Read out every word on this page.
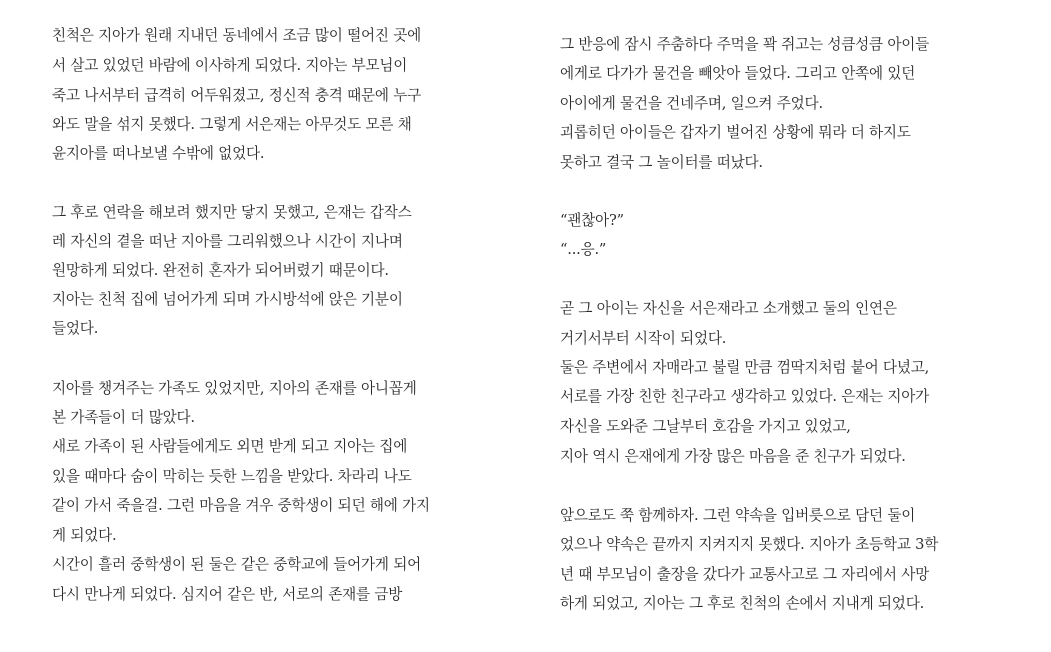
친척은 지아가 원래 지내던 동네에서 조금 많이 떨어진 곳에
서 살고 있었던 바람에 이사하게 되었다. 지아는 부모님이
죽고 나서부터 급격히 어두워졌고, 정신적 충격 때문에 누구
와도 말을 섞지 못했다. 그렇게 서은재는 아무것도 모른 채
윤지아를 떠나보낼 수밖에 없었다.
그 후로 연락을 해보려 했지만 닿지 못했고, 은재는 갑작스
레 자신의 곁을 떠난 지아를 그리워했으나 시간이 지나며
원망하게 되었다. 완전히 혼자가 되어버렸기 때문이다.
지아는 친척 집에 넘어가게 되며 가시방석에 앉은 기분이
들었다.
지아를 챙겨주는 가족도 있었지만, 지아의 존재를 아니꼽게
본 가족들이 더 많았다.
새로 가족이 된 사람들에게도 외면 받게 되고 지아는 집에
있을 때마다 숨이 막히는 듯한 느낌을 받았다. 차라리 나도
같이 가서 죽을걸. 그런 마음을 겨우 중학생이 되던 해에 가지
게 되었다.
시간이 흘러 중학생이 된 둘은 같은 중학교에 들어가게 되어
다시 만나게 되었다. 심지어 같은 반, 서로의 존재를 금방
그 반응에 잠시 주춤하다 주먹을 꽉 쥐고는 성큼성큼 아이들
에게로 다가가 물건을 빼앗아 들었다. 그리고 안쪽에 있던
아이에게 물건을 건네주며, 일으켜 주었다.
괴롭히던 아이들은 갑자기 벌어진 상황에 뭐라 더 하지도
못하고 결국 그 놀이터를 떠났다.
“괜찮아?”
“...응.”
곧 그 아이는 자신을 서은재라고 소개했고 둘의 인연은
거기서부터 시작이 되었다.
둘은 주변에서 자매라고 불릴 만큼 껌딱지처럼 붙어 다녔고,
서로를 가장 친한 친구라고 생각하고 있었다. 은재는 지아가
자신을 도와준 그날부터 호감을 가지고 있었고,
지아 역시 은재에게 가장 많은 마음을 준 친구가 되었다.
앞으로도 쭉 함께하자. 그런 약속을 입버릇으로 담던 둘이
었으나 약속은 끝까지 지켜지지 못했다. 지아가 초등학교 3학
년 때 부모님이 출장을 갔다가 교통사고로 그 자리에서 사망
하게 되었고, 지아는 그 후로 친척의 손에서 지내게 되었다.
